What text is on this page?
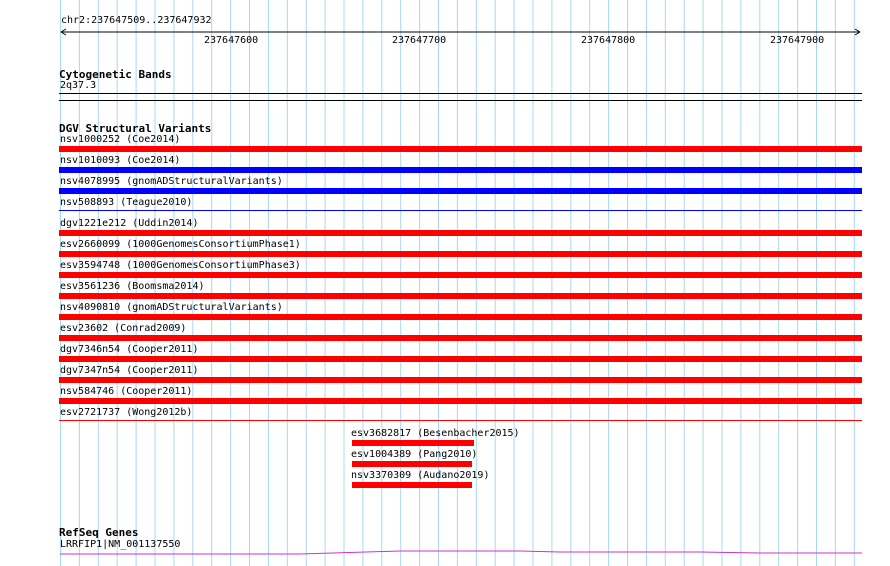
chr2:237647509..237647932
237647600	237647700	237647800	237647900
Cytogenetic Bands
2q37.3
DGV Structural Variants
nsv1000252 (Coe2014)
nsv1010093 (Coe2014)
nsv4078995 (gnomADStructuralVariants)
nsv508893 (Teague2010)
dgv1221e212 (Uddin2014)
esv2660099 (1000GenomesConsortiumPhase1)
esv3594748 (1000GenomesConsortiumPhase3)
esv3561236 (Boomsma2014)
nsv4090810 (gnomADStructuralVariants)
esv23602 (Conrad2009)
dgv7346n54 (Cooper2011)
dgv7347n54 (Cooper2011)
nsv584746 (Cooper2011)
esv2721737 (Wong2012b)
esv3682817 (Besenbacher2015)
esv1004389 (Pang2010)
nsv3370309 (Audano2019)
RefSeq Genes
LRRFIP1|NM_001137550
